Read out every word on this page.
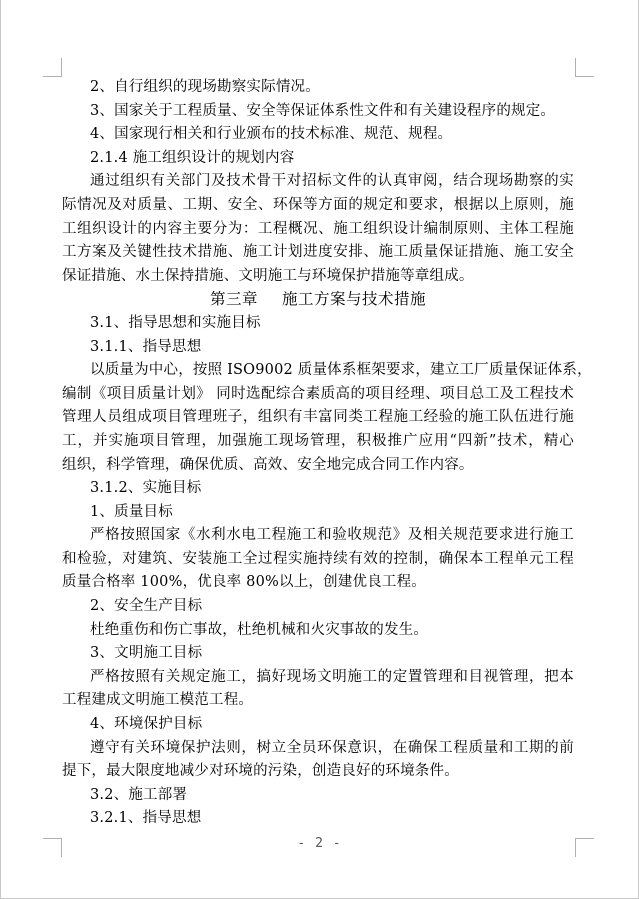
2、自行组织的现场勘察实际情况。
3、国家关于工程质量、安全等保证体系性文件和有关建设程序的规定。
4、国家现行相关和行业颁布的技术标准、规范、规程。
2.1.4 施工组织设计的规划内容
通过组织有关部门及技术骨干对招标文件的认真审阅，结合现场勘察的实
际情况及对质量、工期、安全、环保等方面的规定和要求，根据以上原则，施
工组织设计的内容主要分为：工程概况、施工组织设计编制原则、主体工程施
工方案及关键性技术措施、施工计划进度安排、施工质量保证措施、施工安全
保证措施、水土保持措施、文明施工与环境保护措施等章组成。
第三章 施工方案与技术措施
3.1、指导思想和实施目标
3.1.1、指导思想
以质量为中心，按照 ISO9002 质量体系框架要求，建立工厂质量保证体系，
编制《项目质量计划》 同时选配综合素质高的项目经理、项目总工及工程技术
管理人员组成项目管理班子，组织有丰富同类工程施工经验的施工队伍进行施
工，并实施项目管理，加强施工现场管理，积极推广应用“四新”技术，精心
组织，科学管理，确保优质、高效、安全地完成合同工作内容。
3.1.2、实施目标
1、质量目标
严格按照国家《水利水电工程施工和验收规范》及相关规范要求进行施工
和检验，对建筑、安装施工全过程实施持续有效的控制，确保本工程单元工程
质量合格率 100%，优良率 80%以上，创建优良工程。
2、安全生产目标
杜绝重伤和伤亡事故，杜绝机械和火灾事故的发生。
3、文明施工目标
严格按照有关规定施工，搞好现场文明施工的定置管理和目视管理，把本
工程建成文明施工模范工程。
4、环境保护目标
遵守有关环境保护法则，树立全员环保意识，在确保工程质量和工期的前
提下，最大限度地减少对环境的污染，创造良好的环境条件。
3.2、施工部署
3.2.1、指导思想
- 2 -
